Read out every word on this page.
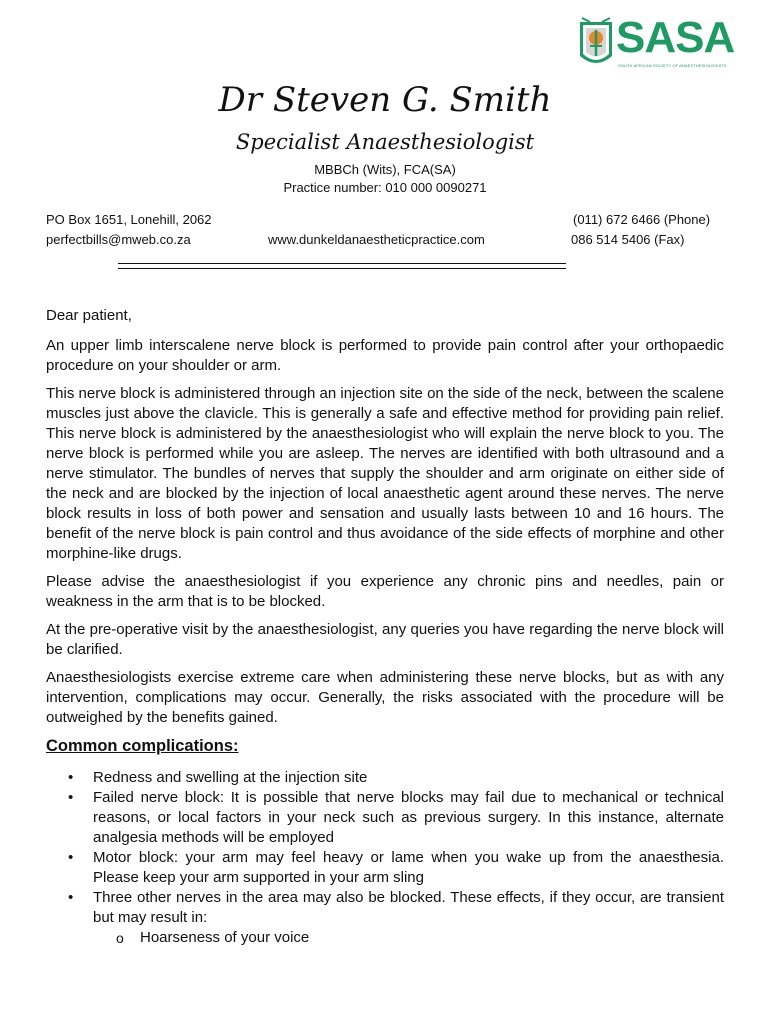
SASA
SOUTH AFRICAN SOCIETY OF ANAESTHESIOLOGISTS
Dr Steven G. Smith
Specialist Anaesthesiologist
MBBCh (Wits), FCA(SA)
Practice number: 010 000 0090271
PO Box 1651, Lonehill, 2062
perfectbills@mweb.co.za	www.dunkeldanaestheticpractice.com
(011) 672 6466 (Phone)
086 514 5406 (Fax)

Dear patient,

An upper limb interscalene nerve block is performed to provide pain control after your orthopaedic procedure on your shoulder or arm.

This nerve block is administered through an injection site on the side of the neck, between the scalene muscles just above the clavicle. This is generally a safe and effective method for providing pain relief. This nerve block is administered by the anaesthesiologist who will explain the nerve block to you. The nerve block is performed while you are asleep. The nerves are identified with both ultrasound and a nerve stimulator. The bundles of nerves that supply the shoulder and arm originate on either side of the neck and are blocked by the injection of local anaesthetic agent around these nerves. The nerve block results in loss of both power and sensation and usually lasts between 10 and 16 hours. The benefit of the nerve block is pain control and thus avoidance of the side effects of morphine and other morphine-like drugs.

Please advise the anaesthesiologist if you experience any chronic pins and needles, pain or weakness in the arm that is to be blocked.

At the pre-operative visit by the anaesthesiologist, any queries you have regarding the nerve block will be clarified.

Anaesthesiologists exercise extreme care when administering these nerve blocks, but as with any intervention, complications may occur. Generally, the risks associated with the procedure will be outweighed by the benefits gained.

Common complications:
• Redness and swelling at the injection site
• Failed nerve block: It is possible that nerve blocks may fail due to mechanical or technical reasons, or local factors in your neck such as previous surgery. In this instance, alternate analgesia methods will be employed
• Motor block: your arm may feel heavy or lame when you wake up from the anaesthesia. Please keep your arm supported in your arm sling
• Three other nerves in the area may also be blocked. These effects, if they occur, are transient but may result in:
o Hoarseness of your voice
